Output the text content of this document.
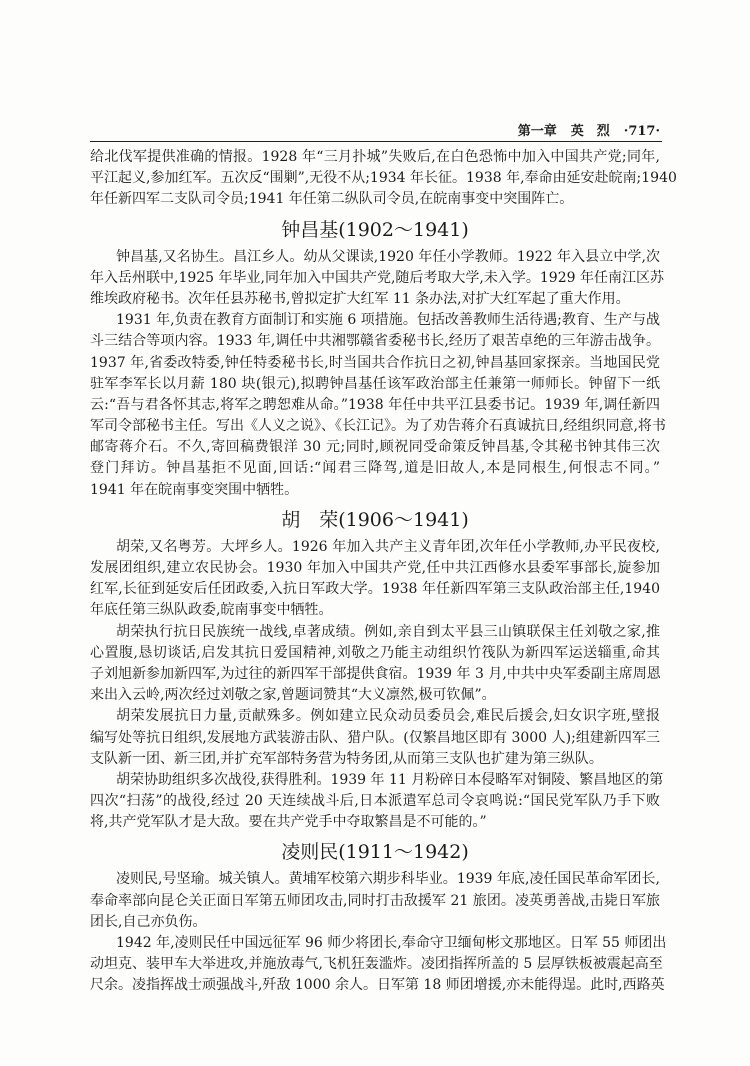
第一章 英　烈 ·717·
给北伐军提供准确的情报。1928 年“三月扑城”失败后,在白色恐怖中加入中国共产党;同年,
平江起义,参加红军。五次反“围剿”,无役不从;1934 年长征。1938 年,奉命由延安赴皖南;1940
年任新四军二支队司令员;1941 年任第二纵队司令员,在皖南事变中突围阵亡。
钟昌基(1902～1941)
钟昌基,又名协生。昌江乡人。幼从父课读,1920 年任小学教师。1922 年入县立中学,次
年入岳州联中,1925 年毕业,同年加入中国共产党,随后考取大学,未入学。1929 年任南江区苏
维埃政府秘书。次年任县苏秘书,曾拟定扩大红军 11 条办法,对扩大红军起了重大作用。
1931 年,负责在教育方面制订和实施 6 项措施。包括改善教师生活待遇;教育、生产与战
斗三结合等项内容。1933 年,调任中共湘鄂赣省委秘书长,经历了艰苦卓绝的三年游击战争。
1937 年,省委改特委,钟任特委秘书长,时当国共合作抗日之初,钟昌基回家探亲。当地国民党
驻军李军长以月薪 180 块(银元),拟聘钟昌基任该军政治部主任兼第一师师长。钟留下一纸
云:“吾与君各怀其志,将军之聘恕难从命。”1938 年任中共平江县委书记。1939 年,调任新四
军司令部秘书主任。写出《人义之说》、《长江记》。为了劝告蒋介石真诚抗日,经组织同意,将书
邮寄蒋介石。不久,寄回稿费银洋 30 元;同时,顾祝同受命策反钟昌基,令其秘书钟其伟三次
登门拜访。钟昌基拒不见面,回话:“闻君三降驾,道是旧故人,本是同根生,何恨志不同。”
1941 年在皖南事变突围中牺牲。
胡　荣(1906～1941)
胡荣,又名粤芳。大坪乡人。1926 年加入共产主义青年团,次年任小学教师,办平民夜校,
发展团组织,建立农民协会。1930 年加入中国共产党,任中共江西修水县委军事部长,旋参加
红军,长征到延安后任团政委,入抗日军政大学。1938 年任新四军第三支队政治部主任,1940
年底任第三纵队政委,皖南事变中牺牲。
胡荣执行抗日民族统一战线,卓著成绩。例如,亲自到太平县三山镇联保主任刘敬之家,推
心置腹,恳切谈话,启发其抗日爱国精神,刘敬之乃能主动组织竹筏队为新四军运送辎重,命其
子刘旭新参加新四军,为过往的新四军干部提供食宿。1939 年 3 月,中共中央军委副主席周恩
来出入云岭,两次经过刘敬之家,曾题词赞其“大义凛然,极可钦佩”。
胡荣发展抗日力量,贡献殊多。例如建立民众动员委员会,难民后援会,妇女识字班,壁报
编写处等抗日组织,发展地方武装游击队、猎户队。(仅繁昌地区即有 3000 人);组建新四军三
支队新一团、新三团,并扩充军部特务营为特务团,从而第三支队也扩建为第三纵队。
胡荣协助组织多次战役,获得胜利。1939 年 11 月粉碎日本侵略军对铜陵、繁昌地区的第
四次“扫荡”的战役,经过 20 天连续战斗后,日本派遣军总司令哀鸣说:“国民党军队乃手下败
将,共产党军队才是大敌。要在共产党手中夺取繁昌是不可能的。”
凌则民(1911～1942)
凌则民,号坚瑜。城关镇人。黄埔军校第六期步科毕业。1939 年底,凌任国民革命军团长,
奉命率部向昆仑关正面日军第五师团攻击,同时打击敌援军 21 旅团。凌英勇善战,击毙日军旅
团长,自己亦负伤。
1942 年,凌则民任中国远征军 96 师少将团长,奉命守卫缅甸彬文那地区。日军 55 师团出
动坦克、装甲车大举进攻,并施放毒气,飞机狂轰滥炸。凌团指挥所盖的 5 层厚铁板被震起高至
尺余。凌指挥战士顽强战斗,歼敌 1000 余人。日军第 18 师团增援,亦未能得逞。此时,西路英
